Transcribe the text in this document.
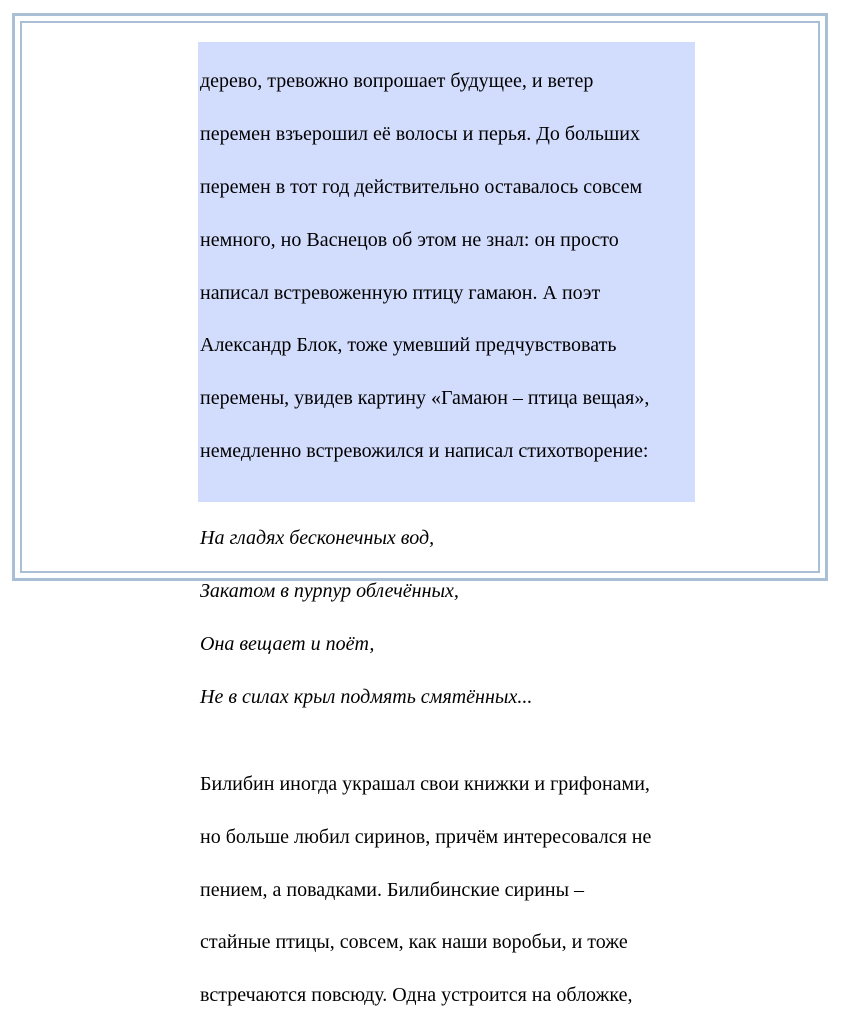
дерево, тревожно вопрошает будущее, и ветер

перемен взъерошил её волосы и перья. До больших

перемен в тот год действительно оставалось совсем

немного, но Васнецов об этом не знал: он просто

написал встревоженную птицу гамаюн. А поэт

Александр Блок, тоже умевший предчувствовать

перемены, увидев картину «Гамаюн – птица вещая»,

немедленно встревожился и написал стихотворение:

На гладях бесконечных вод,

Закатом в пурпур облечённых,

Она вещает и поёт,

Не в силах крыл подмять смятённых...

Билибин иногда украшал свои книжки и грифонами,

но больше любил сиринов, причём интересовался не

пением, а повадками. Билибинские сирины –

стайные птицы, совсем, как наши воробьи, и тоже

встречаются повсюду. Одна устроится на обложке,
